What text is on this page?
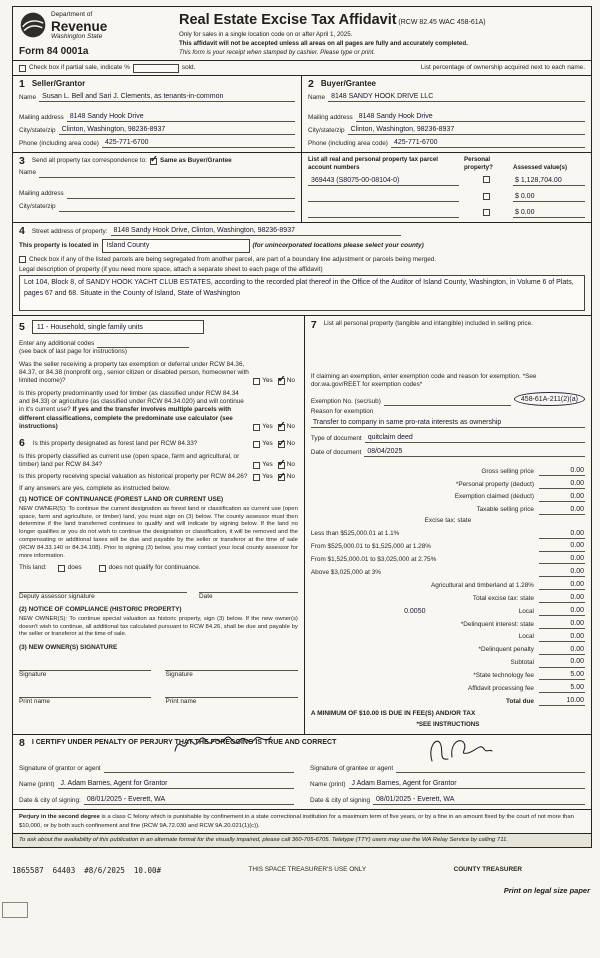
Department of
Revenue
Washington State
Form 84 0001a
Real Estate Excise Tax Affidavit (RCW 82.45 WAC 458-61A)
Only for sales in a single location code on or after April 1, 2025.
This affidavit will not be accepted unless all areas on all pages are fully and accurately completed.
This form is your receipt when stamped by cashier. Please type or print.
Check box if partial sale, indicate %	sold.	List percentage of ownership acquired next to each name.
1 Seller/Grantor
Name Susan L. Bell and Sari J. Clements, as tenants-in-common
Mailing address 8148 Sandy Hook Drive
City/state/zip Clinton, Washington, 98236-8937
Phone (including area code) 425-771-6700
2 Buyer/Grantee
Name 8148 SANDY HOOK DRIVE LLC
Mailing address 8148 Sandy Hook Drive
City/state/zip Clinton, Washington, 98236-8937
Phone (including area code) 425-771-6700
3 Send all property tax correspondence to: ✓ Same as Buyer/Grantee
Name
Mailing address
City/state/zip
List all real and personal property tax parcel account numbers
Personal property?	Assessed value(s)
369443 (S8075-00-08104-0)	$ 1,128,704.00
$ 0.00
$ 0.00
4 Street address of property: 8148 Sandy Hook Drive, Clinton, Washington, 98236-8937
This property is located in	Island County	(for unincorporated locations please select your county)
Check box if any of the listed parcels are being segregated from another parcel, are part of a boundary line adjustment or parcels being merged.
Legal description of property (if you need more space, attach a separate sheet to each page of the affidavit)
Lot 104, Block 8, of SANDY HOOK YACHT CLUB ESTATES, according to the recorded plat thereof in the Office of the Auditor of Island County, Washington, in Volume 6 of Plats, pages 67 and 68. Situate in the County of Island, State of Washington
5	11 - Household, single family units
Enter any additional codes
(see back of last page for instructions)
Was the seller receiving a property tax exemption or deferral under RCW 84.36, 84.37, or 84.38 (nonprofit org., senior citizen or disabled person, homeowner with limited income)?	Yes ✓ No
Is this property predominantly used for timber (as classified under RCW 84.34 and 84.33) or agriculture (as classified under RCW 84.34.020) and will continue in it's current use? If yes and the transfer involves multiple parcels with different classifications, complete the predominate use calculator (see instructions)	Yes ✓ No
6 Is this property designated as forest land per RCW 84.33?	Yes ✓ No
Is this property classified as current use (open space, farm and agricultural, or timber) land per RCW 84.34?	Yes ✓ No
Is this property receiving special valuation as historical property per RCW 84.26? Yes ✓ No
If any answers are yes, complete as instructed below.
(1) NOTICE OF CONTINUANCE (FOREST LAND OR CURRENT USE)
NEW OWNER(S): To continue the current designation as forest land or classification as current use (open space, farm and agriculture, or timber) land, you must sign on (3) below. The county assessor must then determine if the land transferred continues to qualify and will indicate by signing below. If the land no longer qualifies or you do not wish to continue the designation or classification, it will be removed and the compensating or additional taxes will be due and payable by the seller or transferor at the time of sale (RCW 84.33.140 or 84.34.108). Prior to signing (3) below, you may contact your local county assessor for more information.
This land:	does	does not qualify for continuance.
Deputy assessor signature	Date
(2) NOTICE OF COMPLIANCE (HISTORIC PROPERTY)
NEW OWNER(S): To continue special valuation as historic property, sign (3) below. If the new owner(s) doesn't wish to continue, all additional tax calculated pursuant to RCW 84.26, shall be due and payable by the seller or transferor at the time of sale.
(3) NEW OWNER(S) SIGNATURE
Signature
Print name
Signature
Print name
7 List all personal property (tangible and intangible) included in selling price.
If claiming an exemption, enter exemption code and reason for exemption. *See dor.wa.gov/REET for exemption codes*
Exemption No. (sec/sub)	458-61A-211(2)(a)
Reason for exemption
Transfer to company in same pro-rata interests as ownership
Type of document quitclaim deed
Date of document 08/04/2025
Gross selling price	0.00
*Personal property (deduct)	0.00
Exemption claimed (deduct)	0.00
Taxable selling price	0.00
Excise tax: state
Less than $525,000.01 at 1.1%	0.00
From $525,000.01 to $1,525,000 at 1.28%	0.00
From $1,525,000.01 to $3,025,000 at 2.75%	0.00
Above $3,025,000 at 3%	0.00
Agricultural and timberland at 1.28%	0.00
Total excise tax: state	0.00
0.0050	Local	0.00
*Delinquent interest: state	0.00
Local	0.00
*Delinquent penalty	0.00
Subtotal	0.00
*State technology fee	5.00
Affidavit processing fee	5.00
Total due	10.00
A MINIMUM OF $10.00 IS DUE IN FEE(S) AND/OR TAX
*SEE INSTRUCTIONS
8 I CERTIFY UNDER PENALTY OF PERJURY THAT THE FOREGOING IS TRUE AND CORRECT
Signature of grantor or agent
Name (print) J. Adam Barnes, Agent for Grantor
Date & city of signing: 08/01/2025 - Everett, WA
Signature of grantee or agent
Name (print) J Adam Barnes, Agent for Grantor
Date & city of signing 08/01/2025 - Everett, WA
Perjury in the second degree is a class C felony which is punishable by confinement in a state correctional institution for a maximum term of five years, or by a fine in an amount fixed by the court of not more than $10,000, or by both such confinement and fine (RCW 9A.72.030 and RCW 9A.20.021(1)(c)).
To ask about the availability of this publication in an alternate format for the visually impaired, please call 360-705-6705. Teletype (TTY) users may use the WA Relay Service by calling 711.
1865587  64403  #8/6/2025  10.00#	THIS SPACE TREASURER'S USE ONLY	COUNTY TREASURER
Print on legal size paper
